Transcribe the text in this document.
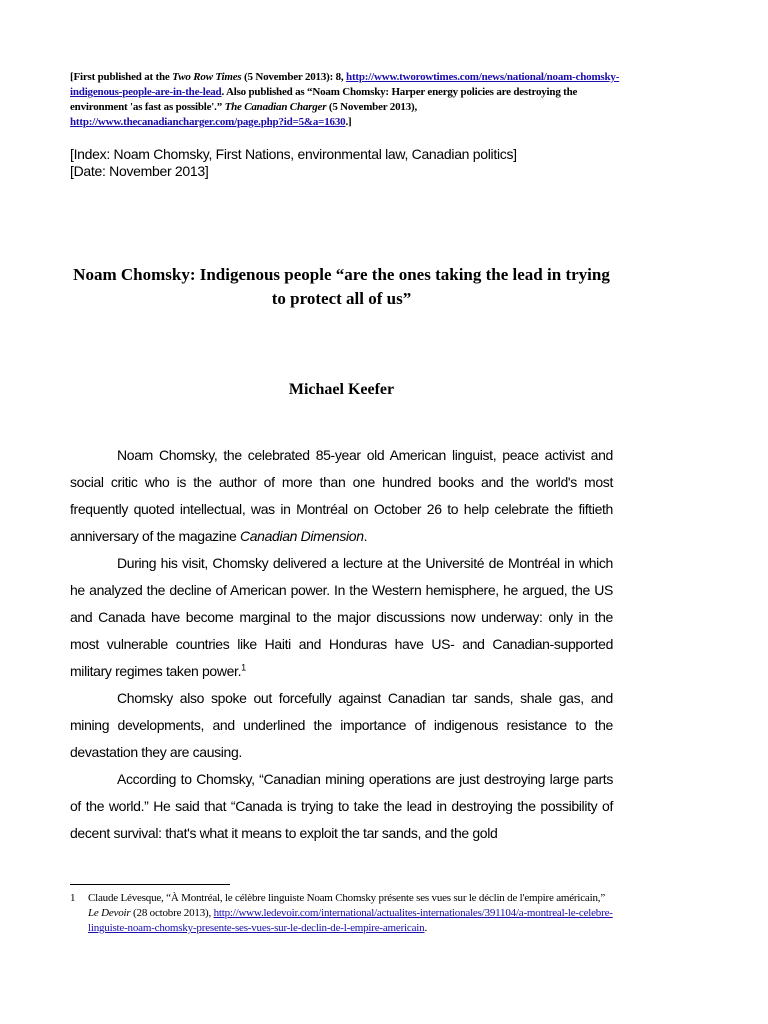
[First published at the Two Row Times (5 November 2013): 8, http://www.tworowtimes.com/news/national/noam-chomsky-indigenous-people-are-in-the-lead. Also published as “Noam Chomsky: Harper energy policies are destroying the environment 'as fast as possible'.” The Canadian Charger (5 November 2013), http://www.thecanadiancharger.com/page.php?id=5&a=1630.]
[Index: Noam Chomsky, First Nations, environmental law, Canadian politics]
[Date: November 2013]
Noam Chomsky: Indigenous people “are the ones taking the lead in trying to protect all of us”
Michael Keefer

Noam Chomsky, the celebrated 85-year old American linguist, peace activist and social critic who is the author of more than one hundred books and the world's most frequently quoted intellectual, was in Montréal on October 26 to help celebrate the fiftieth anniversary of the magazine Canadian Dimension.

During his visit, Chomsky delivered a lecture at the Université de Montréal in which he analyzed the decline of American power. In the Western hemisphere, he argued, the US and Canada have become marginal to the major discussions now underway: only in the most vulnerable countries like Haiti and Honduras have US- and Canadian-supported military regimes taken power.$^1$

Chomsky also spoke out forcefully against Canadian tar sands, shale gas, and mining developments, and underlined the importance of indigenous resistance to the devastation they are causing.

According to Chomsky, “Canadian mining operations are just destroying large parts of the world.” He said that “Canada is trying to take the lead in destroying the possibility of decent survival: that's what it means to exploit the tar sands, and the gold

1 Claude Lévesque, “À Montréal, le célèbre linguiste Noam Chomsky présente ses vues sur le déclin de l'empire américain,” Le Devoir (28 octobre 2013), http://www.ledevoir.com/international/actualites-internationales/391104/a-montreal-le-celebre-linguiste-noam-chomsky-presente-ses-vues-sur-le-declin-de-l-empire-americain.
